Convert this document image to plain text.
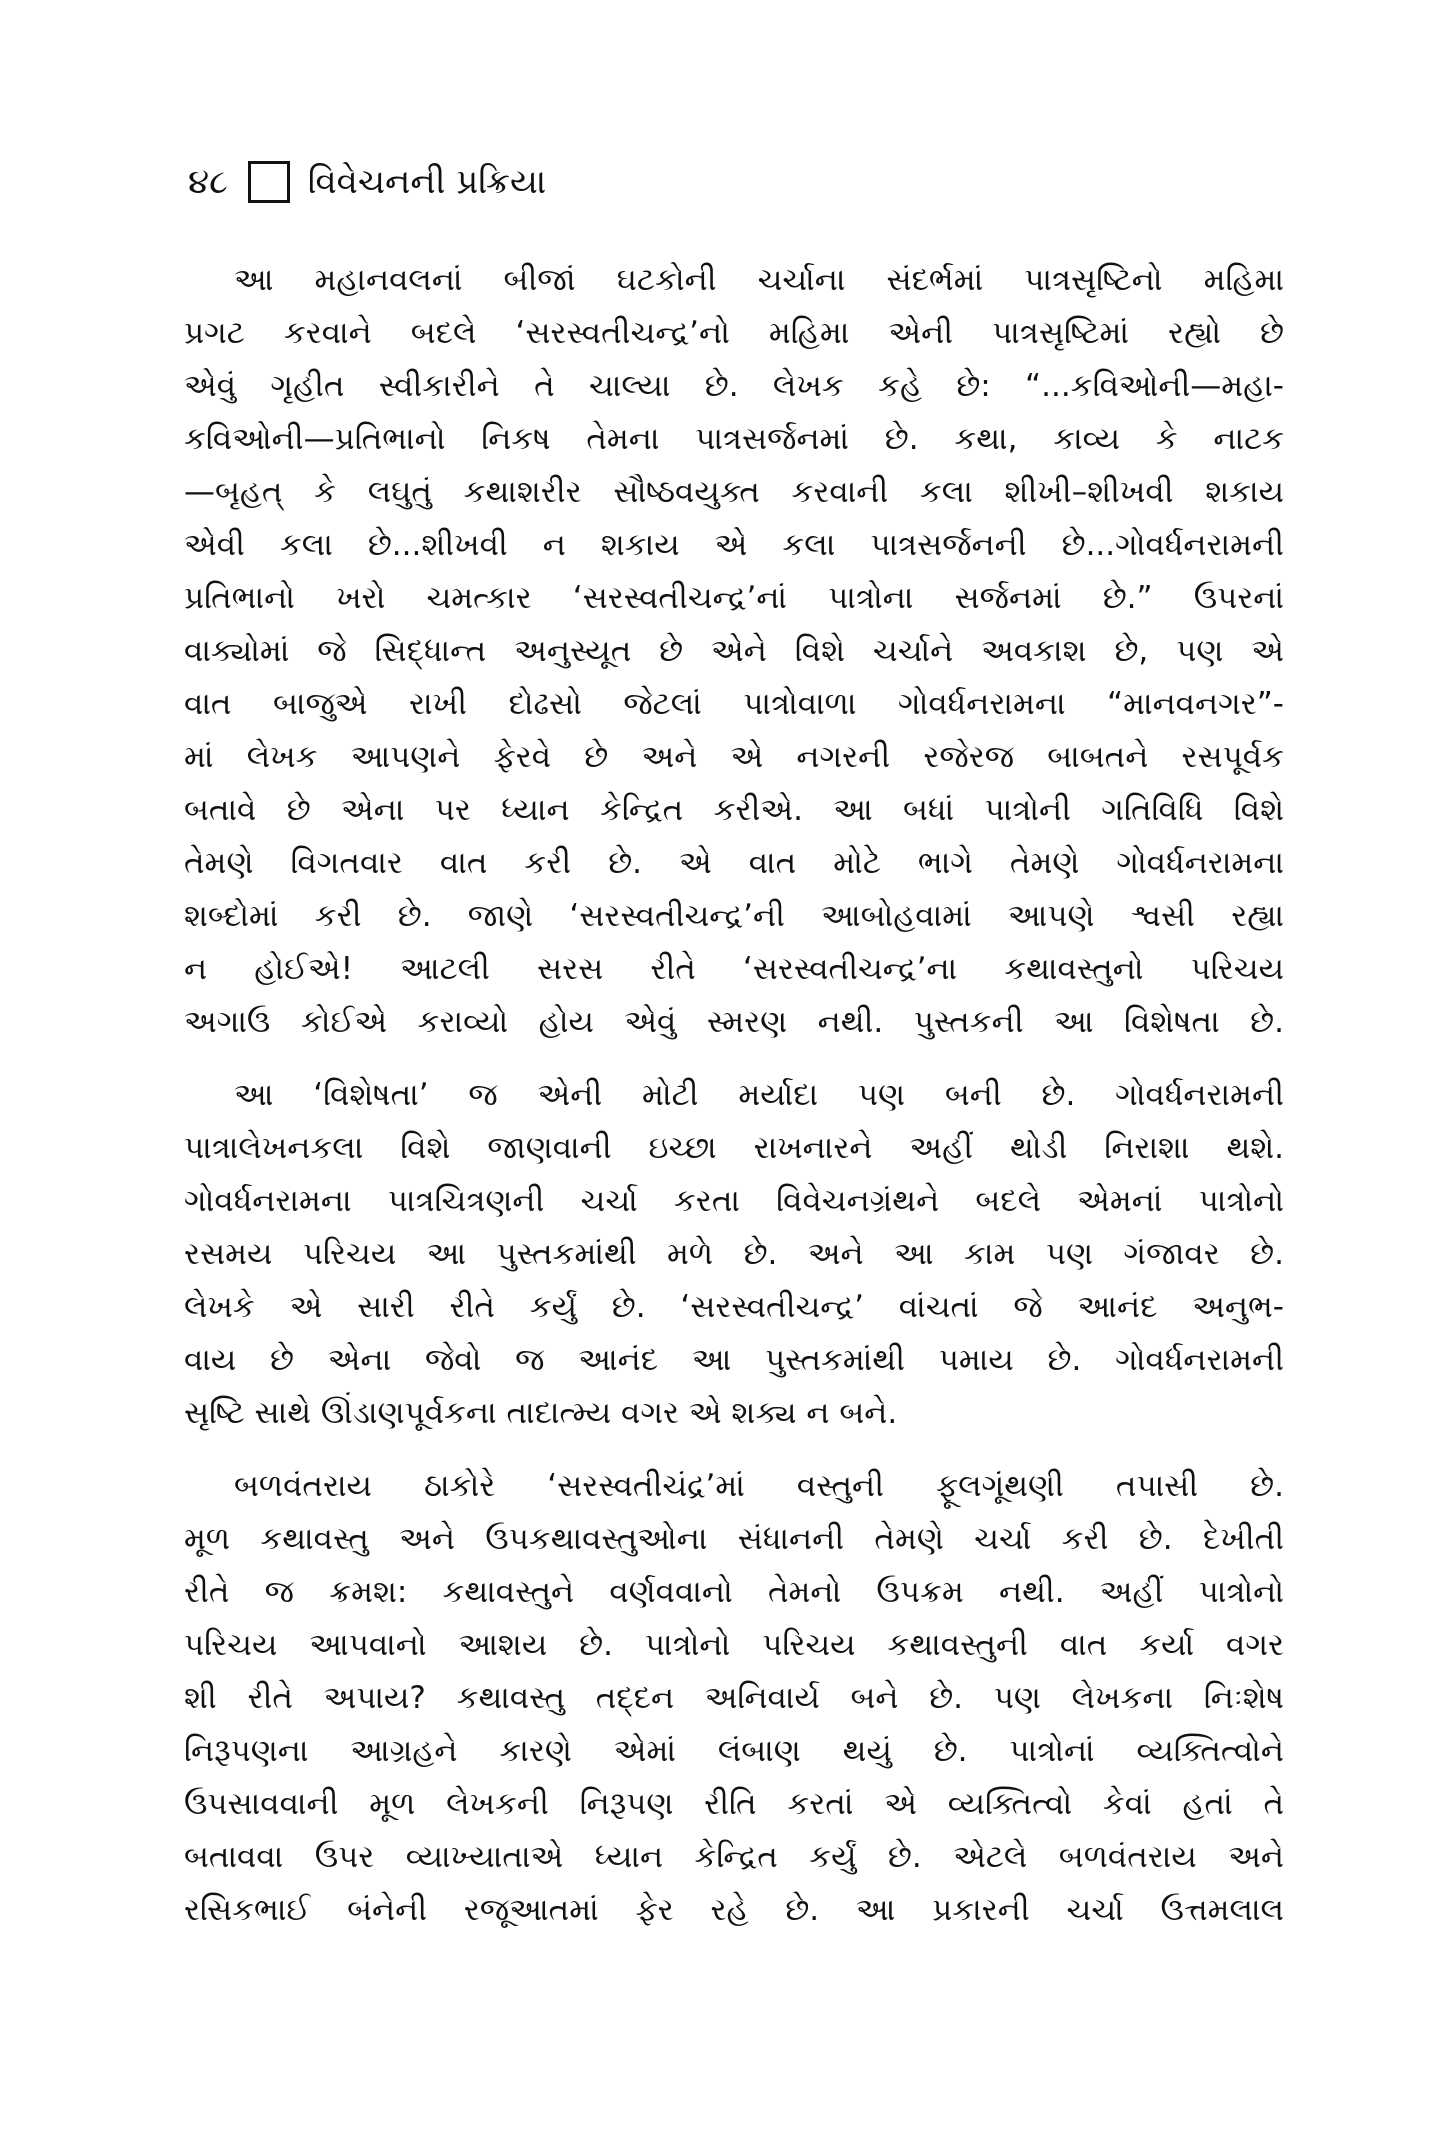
૪૮ વિવેચનની પ્રક્રિયા

આ મહાનવલનાં બીજાં ઘટકોની ચર્ચાના સંદર્ભમાં પાત્રસૃષ્ટિનો મહિમા
પ્રગટ કરવાને બદલે ‘સરસ્વતીચન્દ્ર’નો મહિમા એની પાત્રસૃષ્ટિમાં રહ્યો છે
એવું ગૃહીત સ્વીકારીને તે ચાલ્યા છે. લેખક કહે છે: “...કવિઓની—મહા-
કવિઓની—પ્રતિભાનો નિકષ તેમના પાત્રસર્જનમાં છે. કથા, કાવ્ય કે નાટક
—બૃહત્ કે લઘુતું કથાશરીર સૌષ્ઠવયુક્ત કરવાની કલા શીખી–શીખવી શકાય
એવી કલા છે...શીખવી ન શકાય એ કલા પાત્રસર્જનની છે...ગોવર્ધનરામની
પ્રતિભાનો ખરો ચમત્કાર ‘સરસ્વતીચન્દ્ર’નાં પાત્રોના સર્જનમાં છે.” ઉપરનાં
વાક્યોમાં જે સિદ્ધાન્ત અનુસ્યૂત છે એને વિશે ચર્ચાને અવકાશ છે, પણ એ
વાત બાજુએ રાખી દોઢસો જેટલાં પાત્રોવાળા ગોવર્ધનરામના “માનવનગર”-
માં લેખક આપણને ફેરવે છે અને એ નગરની રજેરજ બાબતને રસપૂર્વક
બતાવે છે એના પર ધ્યાન કેન્દ્રિત કરીએ. આ બધાં પાત્રોની ગતિવિધિ વિશે
તેમણે વિગતવાર વાત કરી છે. એ વાત મોટે ભાગે તેમણે ગોવર્ધનરામના
શબ્દોમાં કરી છે. જાણે ‘સરસ્વતીચન્દ્ર’ની આબોહવામાં આપણે શ્વસી રહ્યા
ન હોઈએ! આટલી સરસ રીતે ‘સરસ્વતીચન્દ્ર’ના કથાવસ્તુનો પરિચય
અગાઉ કોઈએ કરાવ્યો હોય એવું સ્મરણ નથી. પુસ્તકની આ વિશેષતા છે.

આ ‘વિશેષતા’ જ એની મોટી મર્યાદા પણ બની છે. ગોવર્ધનરામની
પાત્રાલેખનકલા વિશે જાણવાની ઇચ્છા રાખનારને અહીં થોડી નિરાશા થશે.
ગોવર્ધનરામના પાત્રચિત્રણની ચર્ચા કરતા વિવેચનગ્રંથને બદલે એમનાં પાત્રોનો
રસમય પરિચય આ પુસ્તકમાંથી મળે છે. અને આ કામ પણ ગંજાવર છે.
લેખકે એ સારી રીતે કર્યું છે. ‘સરસ્વતીચન્દ્ર’ વાંચતાં જે આનંદ અનુભ-
વાય છે એના જેવો જ આનંદ આ પુસ્તકમાંથી પમાય છે. ગોવર્ધનરામની
સૃષ્ટિ સાથે ઊંડાણપૂર્વકના તાદાત્મ્ય વગર એ શક્ય ન બને.

બળવંતરાય ઠાકોરે ‘સરસ્વતીચંદ્ર’માં વસ્તુની ફૂલગૂંથણી તપાસી છે.
મૂળ કથાવસ્તુ અને ઉપકથાવસ્તુઓના સંધાનની તેમણે ચર્ચા કરી છે. દેખીતી
રીતે જ ક્રમશ: કથાવસ્તુને વર્ણવવાનો તેમનો ઉપક્રમ નથી. અહીં પાત્રોનો
પરિચય આપવાનો આશય છે. પાત્રોનો પરિચય કથાવસ્તુની વાત કર્યા વગર
શી રીતે અપાય? કથાવસ્તુ તદ્દન અનિવાર્ય બને છે. પણ લેખકના નિઃશેષ
નિરૂપણના આગ્રહને કારણે એમાં લંબાણ થયું છે. પાત્રોનાં વ્યક્તિત્વોને
ઉપસાવવાની મૂળ લેખકની નિરૂપણ રીતિ કરતાં એ વ્યક્તિત્વો કેવાં હતાં તે
બતાવવા ઉપર વ્યાખ્યાતાએ ધ્યાન કેન્દ્રિત કર્યું છે. એટલે બળવંતરાય અને
રસિકભાઈ બંનેની રજૂઆતમાં ફેર રહે છે. આ પ્રકારની ચર્ચા ઉત્તમલાલ
